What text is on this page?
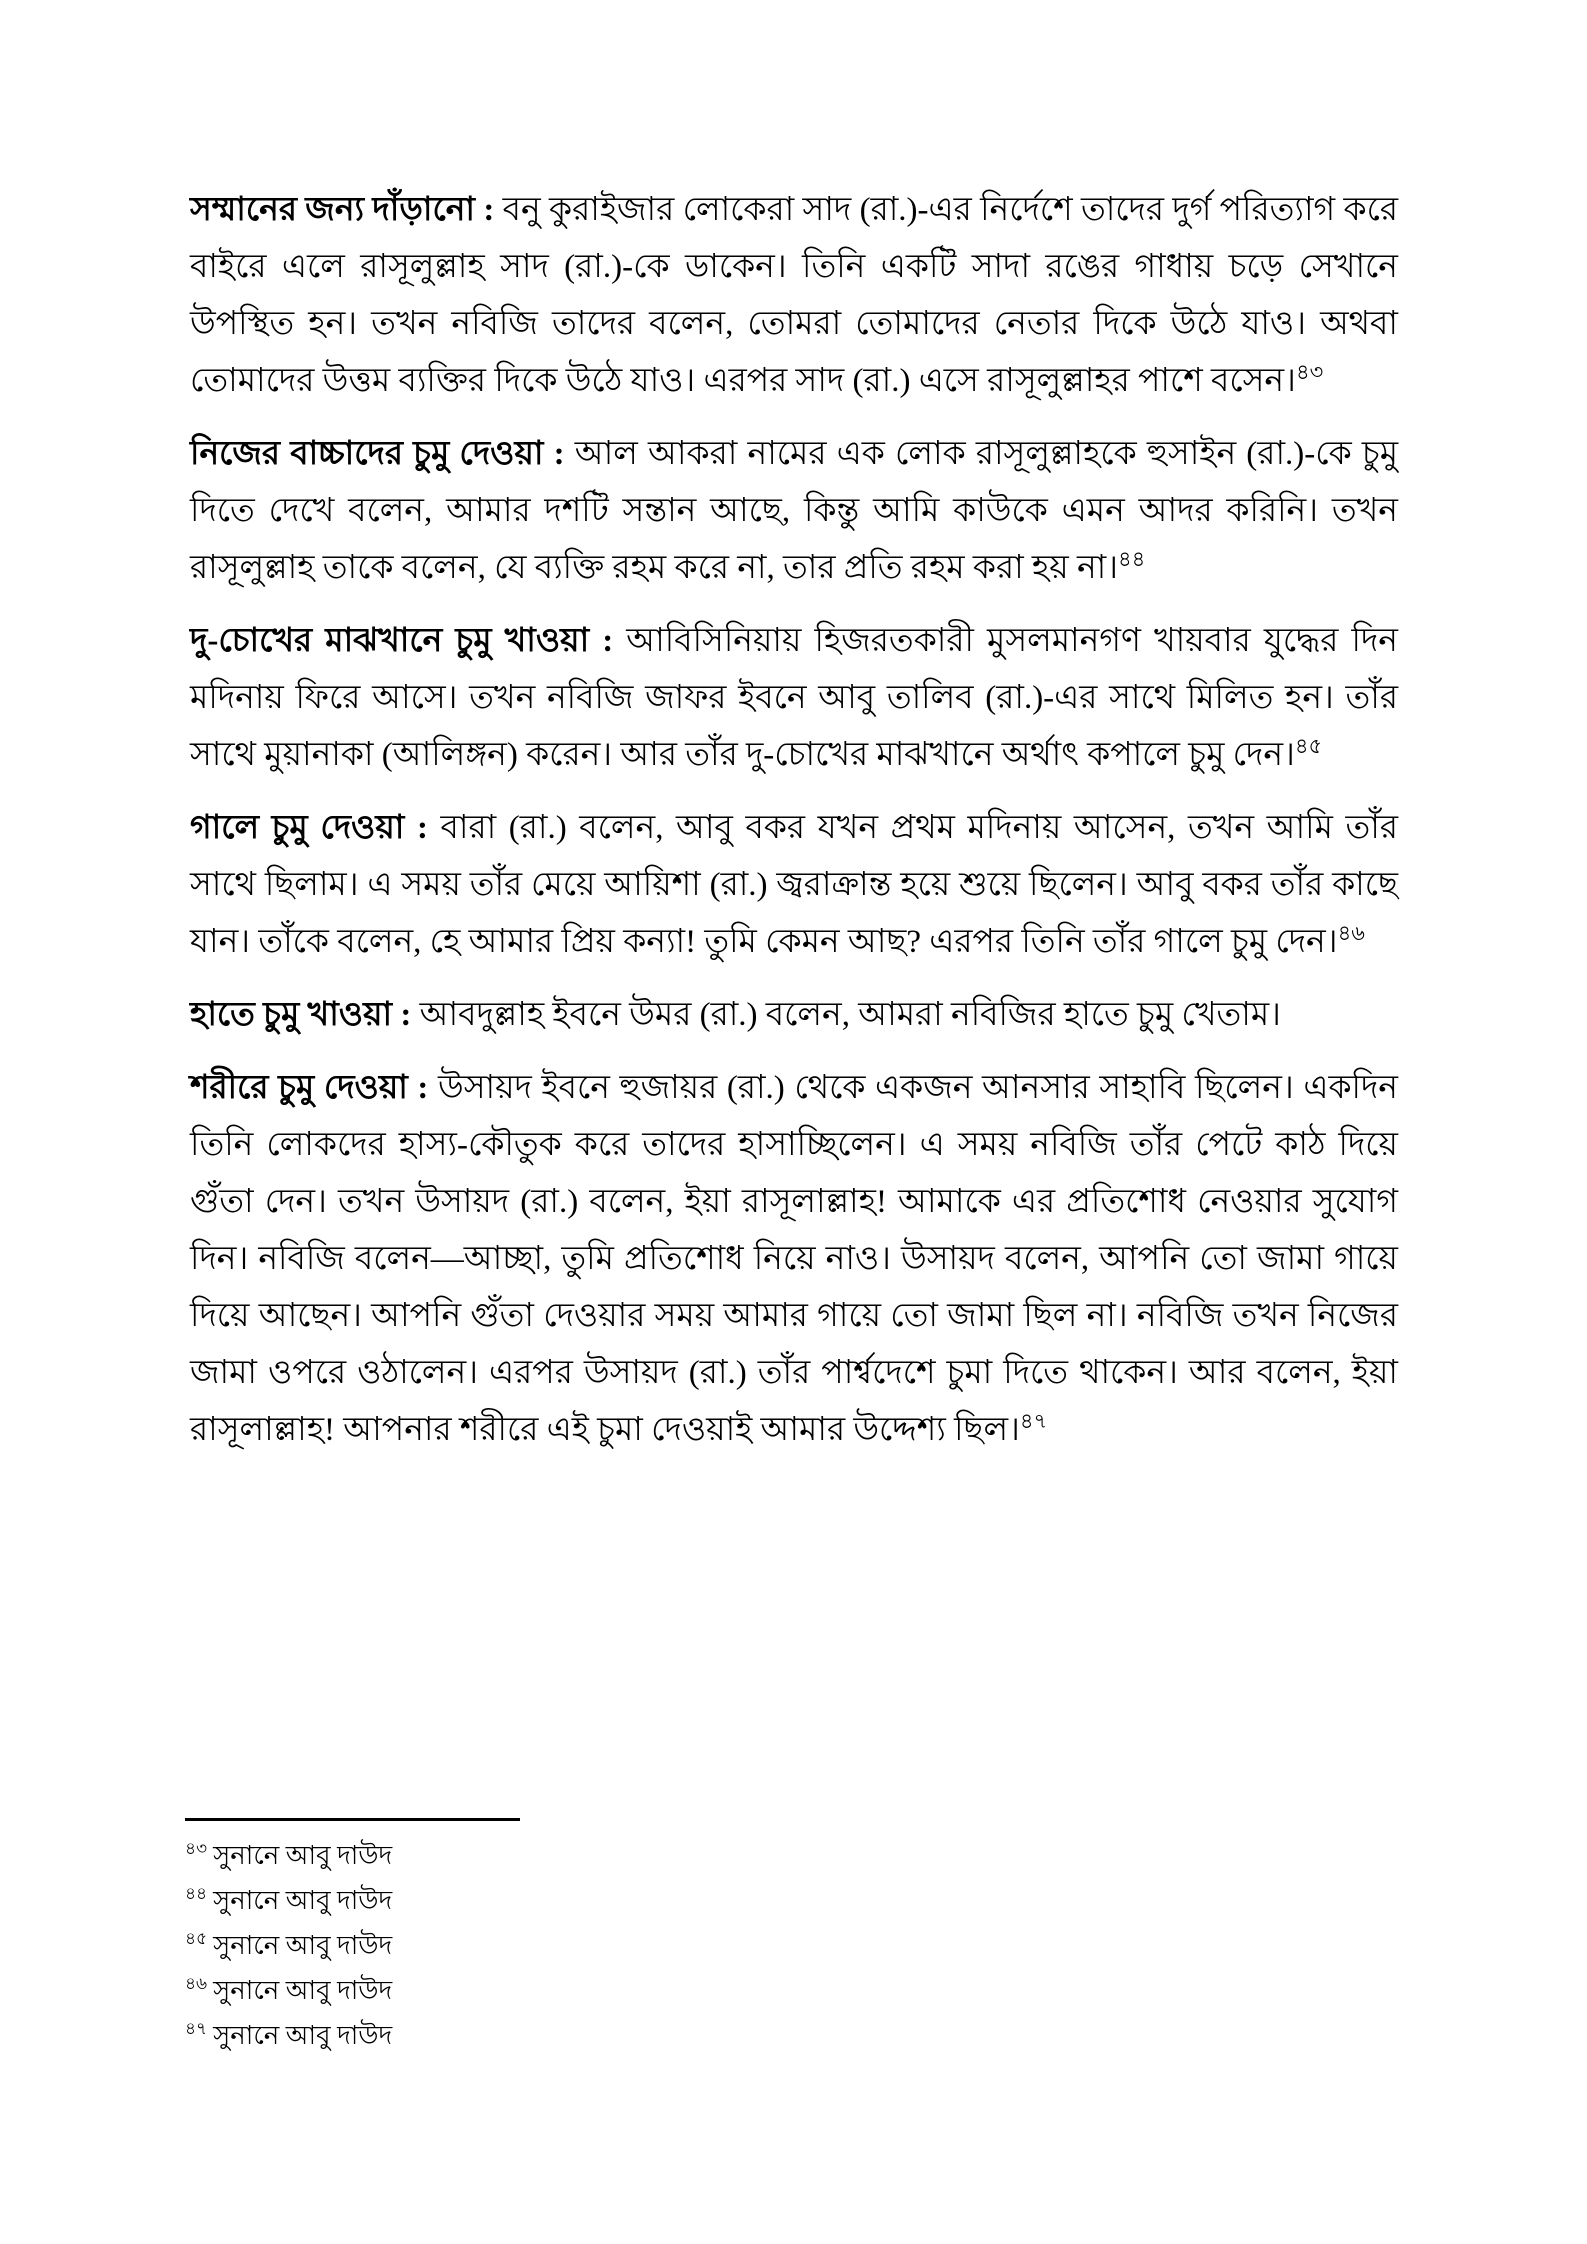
সম্মানের জন্য দাঁড়ানো : বনু কুরাইজার লোকেরা সাদ (রা.)-এর নির্দেশে তাদের দুর্গ পরিত্যাগ করে বাইরে এলে রাসূলুল্লাহ সাদ (রা.)-কে ডাকেন। তিনি একটি সাদা রঙের গাধায় চড়ে সেখানে উপস্থিত হন। তখন নবিজি তাদের বলেন, তোমরা তোমাদের নেতার দিকে উঠে যাও। অথবা তোমাদের উত্তম ব্যক্তির দিকে উঠে যাও। এরপর সাদ (রা.) এসে রাসূলুল্লাহর পাশে বসেন।$^{৪৩}$

নিজের বাচ্চাদের চুমু দেওয়া : আল আকরা নামের এক লোক রাসূলুল্লাহকে হুসাইন (রা.)-কে চুমু দিতে দেখে বলেন, আমার দশটি সন্তান আছে, কিন্তু আমি কাউকে এমন আদর করিনি। তখন রাসূলুল্লাহ তাকে বলেন, যে ব্যক্তি রহম করে না, তার প্রতি রহম করা হয় না।$^{৪৪}$

দু-চোখের মাঝখানে চুমু খাওয়া : আবিসিনিয়ায় হিজরতকারী মুসলমানগণ খায়বার যুদ্ধের দিন মদিনায় ফিরে আসে। তখন নবিজি জাফর ইবনে আবু তালিব (রা.)-এর সাথে মিলিত হন। তাঁর সাথে মুয়ানাকা (আলিঙ্গন) করেন। আর তাঁর দু-চোখের মাঝখানে অর্থাৎ কপালে চুমু দেন।$^{৪৫}$

গালে চুমু দেওয়া : বারা (রা.) বলেন, আবু বকর যখন প্রথম মদিনায় আসেন, তখন আমি তাঁর সাথে ছিলাম। এ সময় তাঁর মেয়ে আয়িশা (রা.) জ্বরাক্রান্ত হয়ে শুয়ে ছিলেন। আবু বকর তাঁর কাছে যান। তাঁকে বলেন, হে আমার প্রিয় কন্যা! তুমি কেমন আছ? এরপর তিনি তাঁর গালে চুমু দেন।$^{৪৬}$

হাতে চুমু খাওয়া : আবদুল্লাহ ইবনে উমর (রা.) বলেন, আমরা নবিজির হাতে চুমু খেতাম।

শরীরে চুমু দেওয়া : উসায়দ ইবনে হুজায়র (রা.) থেকে একজন আনসার সাহাবি ছিলেন। একদিন তিনি লোকদের হাস্য-কৌতুক করে তাদের হাসাচ্ছিলেন। এ সময় নবিজি তাঁর পেটে কাঠ দিয়ে গুঁতা দেন। তখন উসায়দ (রা.) বলেন, ইয়া রাসূলাল্লাহ! আমাকে এর প্রতিশোধ নেওয়ার সুযোগ দিন। নবিজি বলেন—আচ্ছা, তুমি প্রতিশোধ নিয়ে নাও। উসায়দ বলেন, আপনি তো জামা গায়ে দিয়ে আছেন। আপনি গুঁতা দেওয়ার সময় আমার গায়ে তো জামা ছিল না। নবিজি তখন নিজের জামা ওপরে ওঠালেন। এরপর উসায়দ (রা.) তাঁর পার্শ্বদেশে চুমা দিতে থাকেন। আর বলেন, ইয়া রাসূলাল্লাহ! আপনার শরীরে এই চুমা দেওয়াই আমার উদ্দেশ্য ছিল।$^{৪৭}$

$^{৪৩}$ সুনানে আবু দাউদ
$^{৪৪}$ সুনানে আবু দাউদ
$^{৪৫}$ সুনানে আবু দাউদ
$^{৪৬}$ সুনানে আবু দাউদ
$^{৪৭}$ সুনানে আবু দাউদ
